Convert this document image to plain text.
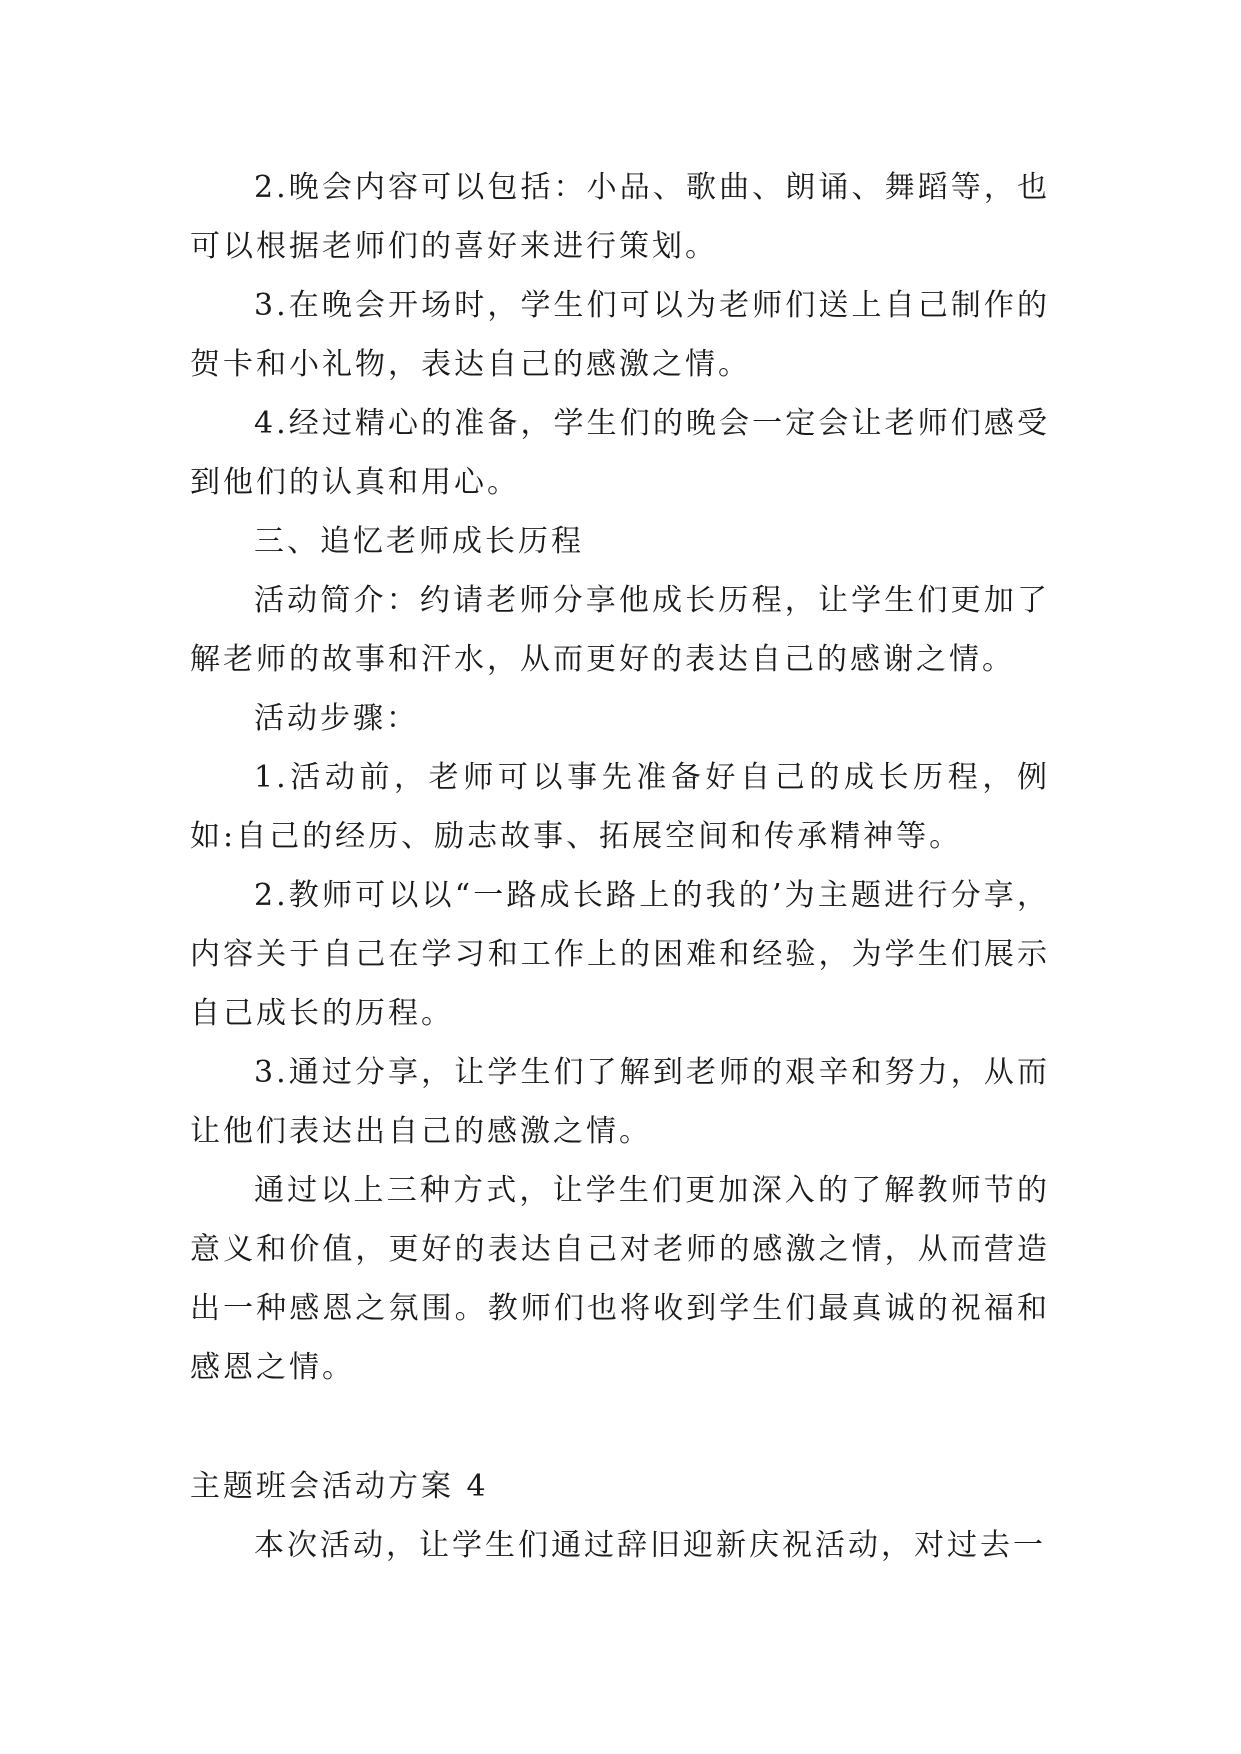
2.晚会内容可以包括：小品、歌曲、朗诵、舞蹈等，也可以根据老师们的喜好来进行策划。

3.在晚会开场时，学生们可以为老师们送上自己制作的贺卡和小礼物，表达自己的感激之情。

4.经过精心的准备，学生们的晚会一定会让老师们感受到他们的认真和用心。

三、追忆老师成长历程

活动简介：约请老师分享他成长历程，让学生们更加了解老师的故事和汗水，从而更好的表达自己的感谢之情。

活动步骤：

1.活动前，老师可以事先准备好自己的成长历程，例如:自己的经历、励志故事、拓展空间和传承精神等。

2.教师可以以“一路成长路上的我的’为主题进行分享，内容关于自己在学习和工作上的困难和经验，为学生们展示自己成长的历程。

3.通过分享，让学生们了解到老师的艰辛和努力，从而让他们表达出自己的感激之情。

通过以上三种方式，让学生们更加深入的了解教师节的意义和价值，更好的表达自己对老师的感激之情，从而营造出一种感恩之氛围。教师们也将收到学生们最真诚的祝福和感恩之情。

主题班会活动方案 4

本次活动，让学生们通过辞旧迎新庆祝活动，对过去一
